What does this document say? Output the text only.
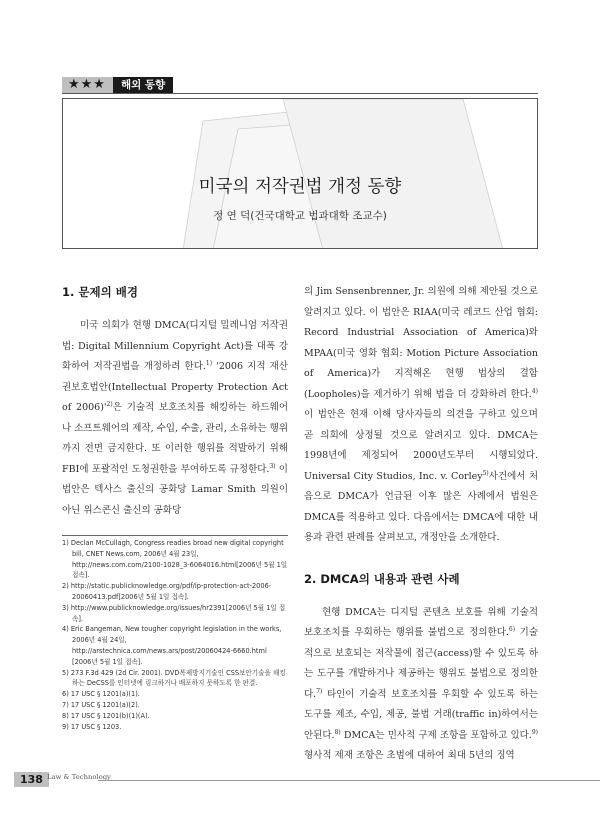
★★★	해외 동향
미국의 저작권법 개정 동향
정 연 덕(건국대학교 법과대학 조교수)
1. 문제의 배경

미국 의회가 현행 DMCA(디지털 밀레니엄 저작권법: Digital Millennium Copyright Act)를 대폭 강화하여 저작권법을 개정하려 한다.$^{1)}$ '2006 지적 재산권보호법안(Intellectual Property Protection Act of $2006)'^{2)}$은 기술적 보호조치를 해킹하는 하드웨어나 소프트웨어의 제작, 수입, 수출, 관리, 소유하는 행위까지 전면 금지한다. 또 이러한 행위를 적발하기 위해 FBI에 포괄적인 도청권한을 부여하도록 규정한다.$^{3)}$ 이 법안은 텍사스 출신의 공화당 Lamar Smith 의원이 아닌 위스콘신 출신의 공화당

1) Declan McCullagh, Congress readies broad new digital copyright bill, CNET News.com, 2006년 4월 23일, http://news.com.com/2100-1028_3-6064016.html[2006년 5월 1일 접속].
2) http://static.publicknowledge.org/pdf/ip-protection-act-2006-20060413.pdf[2006년 5월 1일 접속].
3) http://www.publicknowledge.org/issues/hr2391[2006년 5월 1일 접속].
4) Eric Bangeman, New tougher copyright legislation in the works, 2006년 4월 24일, http://arstechnica.com/news.ars/post/20060424-6660.html [2006년 5월 1일 접속].
5) 273 F.3d 429 (2d Cir. 2001). DVD복제방지기술인 CSS보안기술을 해킹하는 DeCSS를 인터넷에 링크하거나 배포하지 못하도록 한 판결.
6) 17 USC § 1201(a)(1).
7) 17 USC § 1201(a)(2).
8) 17 USC § 1201(b)(1)(A).
9) 17 USC § 1203.

의 Jim Sensenbrenner, Jr. 의원에 의해 제안될 것으로 알려지고 있다. 이 법안은 RIAA(미국 레코드 산업 협회: Record Industrial Association of America)와 MPAA(미국 영화 협회: Motion Picture Association of America)가 지적해온 현행 법상의 결함(Loopholes)을 제거하기 위해 법을 더 강화하려 한다.$^{4)}$ 이 법안은 현재 이해 당사자들의 의견을 구하고 있으며 곧 의회에 상정될 것으로 알려지고 있다. DMCA는 1998년에 제정되어 2000년도부터 시행되었다. Universal City Studios, Inc. v. Corley$^{5)}$사건에서 처음으로 DMCA가 언급된 이후 많은 사례에서 법원은 DMCA를 적용하고 있다. 다음에서는 DMCA에 대한 내용과 관련 판례를 살펴보고, 개정안을 소개한다.

2. DMCA의 내용과 관련 사례

현행 DMCA는 디지털 콘텐츠 보호를 위해 기술적 보호조치를 우회하는 행위를 불법으로 정의한다.$^{6)}$ 기술적으로 보호되는 저작물에 접근(access)할 수 있도록 하는 도구를 개발하거나 제공하는 행위도 불법으로 정의한다.$^{7)}$ 타인이 기술적 보호조치를 우회할 수 있도록 하는 도구를 제조, 수입, 제공, 불법 거래(traffic in)하여서는 안된다.$^{8)}$ DMCA는 민사적 구제 조항을 포함하고 있다.$^{9)}$ 형사적 제재 조항은 초범에 대하여 최대 5년의 징역

138 Law & Technology
